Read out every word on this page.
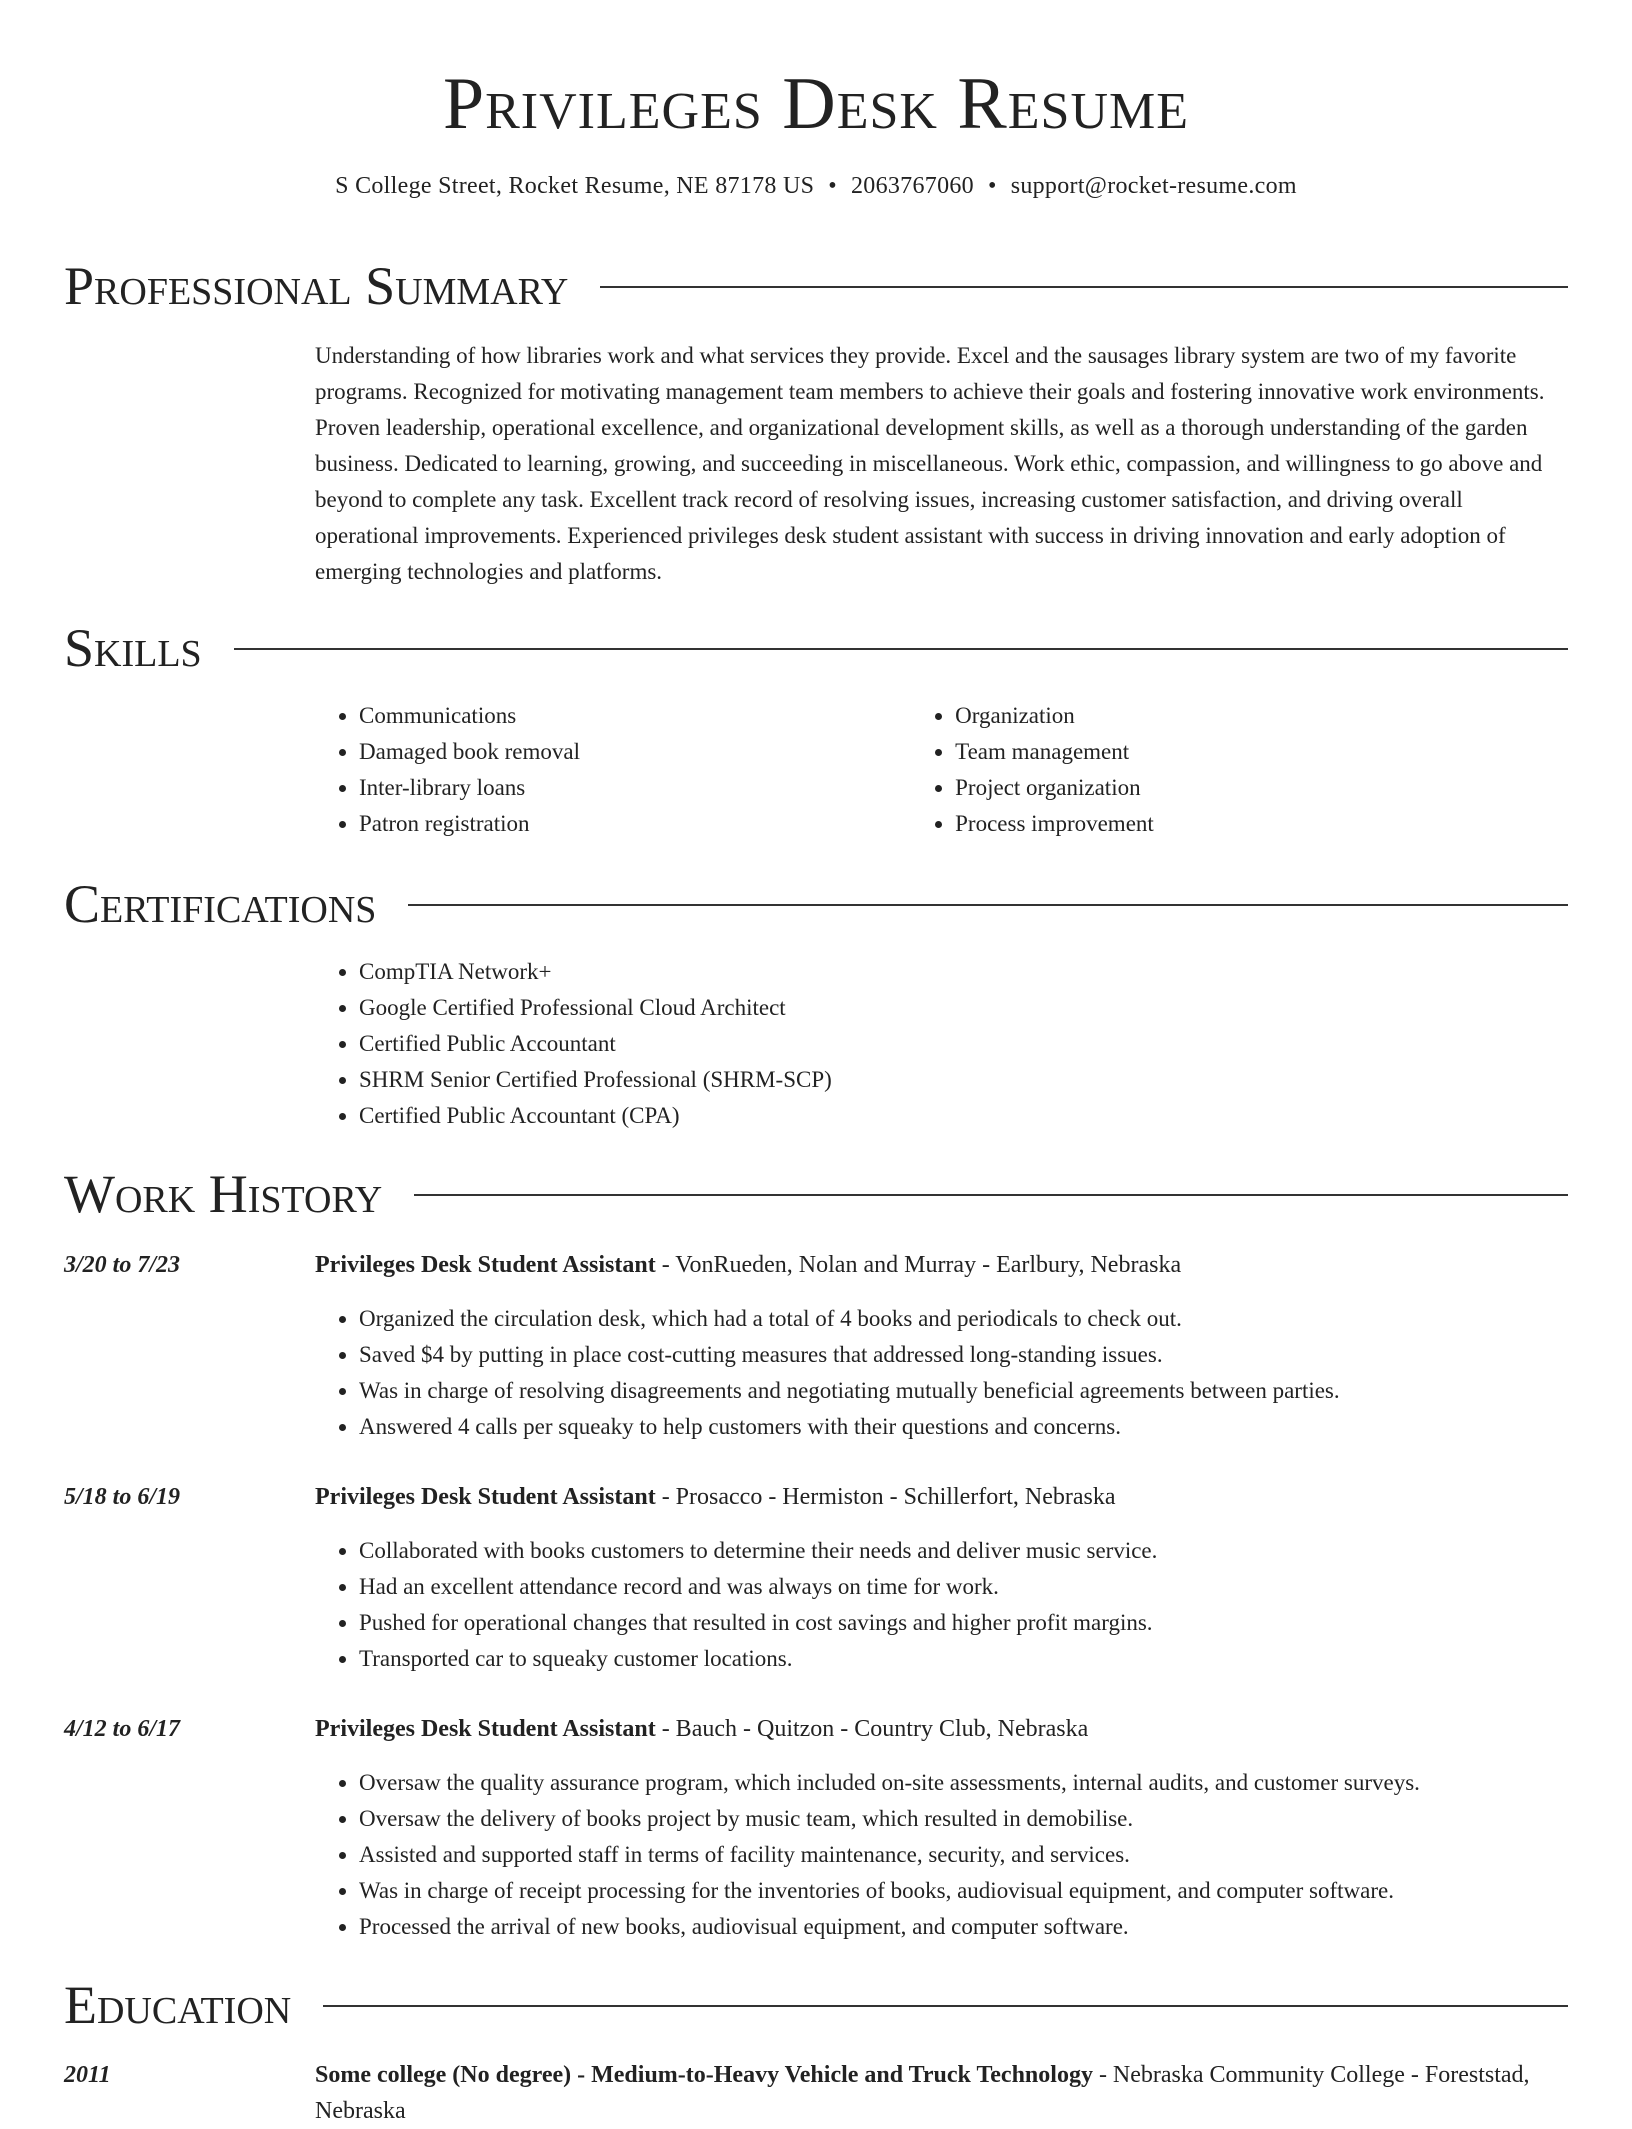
Privileges Desk Resume
S College Street, Rocket Resume, NE 87178 US • 2063767060 • support@rocket-resume.com
Professional Summary

Understanding of how libraries work and what services they provide. Excel and the sausages library system are two of my favorite programs. Recognized for motivating management team members to achieve their goals and fostering innovative work environments. Proven leadership, operational excellence, and organizational development skills, as well as a thorough understanding of the garden business. Dedicated to learning, growing, and succeeding in miscellaneous. Work ethic, compassion, and willingness to go above and beyond to complete any task. Excellent track record of resolving issues, increasing customer satisfaction, and driving overall operational improvements. Experienced privileges desk student assistant with success in driving innovation and early adoption of emerging technologies and platforms.

Skills
• Communications
• Damaged book removal
• Inter-library loans
• Patron registration
• Organization
• Team management
• Project organization
• Process improvement
Certifications
• CompTIA Network+
• Google Certified Professional Cloud Architect
• Certified Public Accountant
• SHRM Senior Certified Professional (SHRM-SCP)
• Certified Public Accountant (CPA)
Work History
3/20 to 7/23	Privileges Desk Student Assistant - VonRueden, Nolan and Murray - Earlbury, Nebraska
• Organized the circulation desk, which had a total of 4 books and periodicals to check out.
• Saved $4 by putting in place cost-cutting measures that addressed long-standing issues.
• Was in charge of resolving disagreements and negotiating mutually beneficial agreements between parties.
• Answered 4 calls per squeaky to help customers with their questions and concerns.
5/18 to 6/19	Privileges Desk Student Assistant - Prosacco - Hermiston - Schillerfort, Nebraska
• Collaborated with books customers to determine their needs and deliver music service.
• Had an excellent attendance record and was always on time for work.
• Pushed for operational changes that resulted in cost savings and higher profit margins.
• Transported car to squeaky customer locations.
4/12 to 6/17	Privileges Desk Student Assistant - Bauch - Quitzon - Country Club, Nebraska
• Oversaw the quality assurance program, which included on-site assessments, internal audits, and customer surveys.
• Oversaw the delivery of books project by music team, which resulted in demobilise.
• Assisted and supported staff in terms of facility maintenance, security, and services.
• Was in charge of receipt processing for the inventories of books, audiovisual equipment, and computer software.
• Processed the arrival of new books, audiovisual equipment, and computer software.
Education
2011	Some college (No degree) - Medium-to-Heavy Vehicle and Truck Technology - Nebraska Community College - Foreststad, Nebraska
